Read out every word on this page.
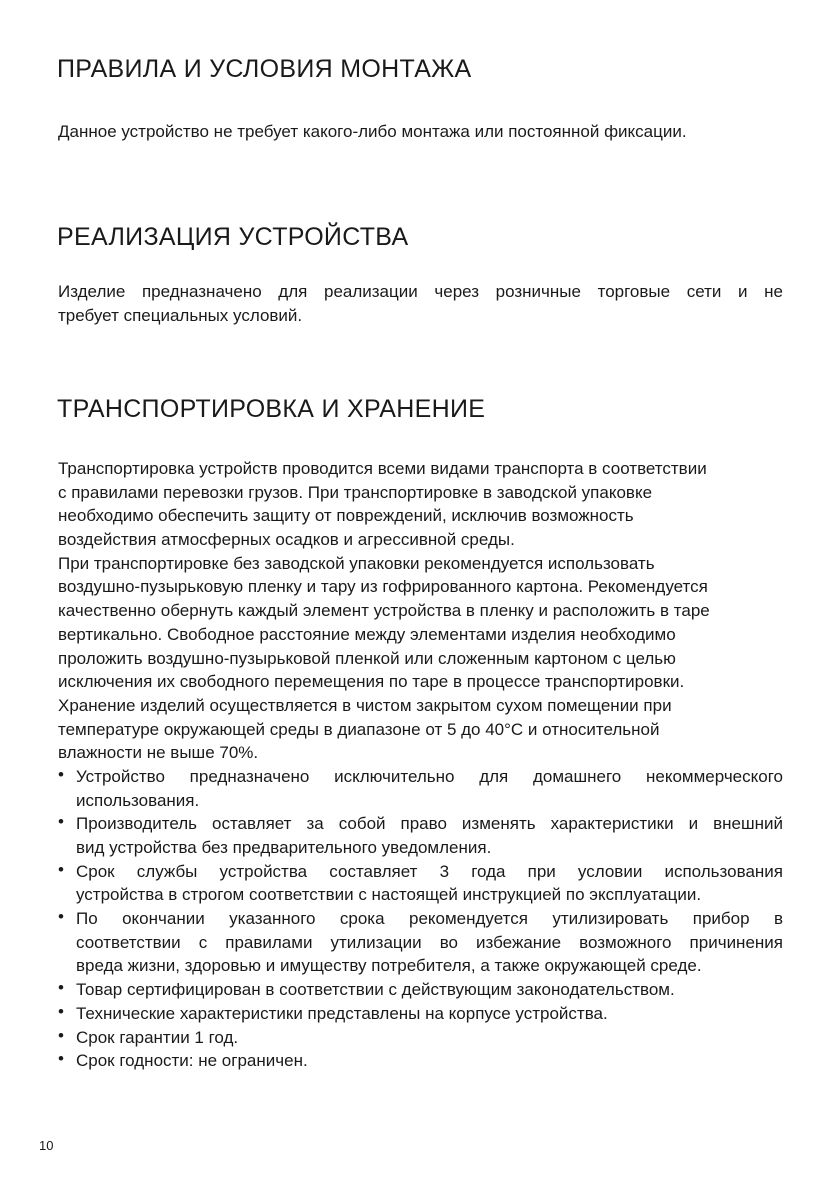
ПРАВИЛА И УСЛОВИЯ МОНТАЖА
Данное устройство не требует какого-либо монтажа или постоянной фиксации.
РЕАЛИЗАЦИЯ УСТРОЙСТВА
Изделие предназначено для реализации через розничные торговые сети и не
требует специальных условий.
ТРАНСПОРТИРОВКА И ХРАНЕНИЕ
Транспортировка устройств проводится всеми видами транспорта в соответствии
с правилами перевозки грузов. При транспортировке в заводской упаковке
необходимо обеспечить защиту от повреждений, исключив возможность
воздействия атмосферных осадков и агрессивной среды.
При транспортировке без заводской упаковки рекомендуется использовать
воздушно-пузырьковую пленку и тару из гофрированного картона. Рекомендуется
качественно обернуть каждый элемент устройства в пленку и расположить в таре
вертикально. Свободное расстояние между элементами изделия необходимо
проложить воздушно-пузырьковой пленкой или сложенным картоном с целью
исключения их свободного перемещения по таре в процессе транспортировки.
Хранение изделий осуществляется в чистом закрытом сухом помещении при
температуре окружающей среды в диапазоне от 5 до 40°C и относительной
влажности не выше 70%.
• Устройство предназначено исключительно для домашнего некоммерческого
использования.
• Производитель оставляет за собой право изменять характеристики и внешний
вид устройства без предварительного уведомления.
• Срок службы устройства составляет 3 года при условии использования
устройства в строгом соответствии с настоящей инструкцией по эксплуатации.
• По окончании указанного срока рекомендуется утилизировать прибор в
соответствии с правилами утилизации во избежание возможного причинения
вреда жизни, здоровью и имуществу потребителя, а также окружающей среде.
• Товар сертифицирован в соответствии с действующим законодательством.
• Технические характеристики представлены на корпусе устройства.
• Срок гарантии 1 год.
• Срок годности: не ограничен.
10
